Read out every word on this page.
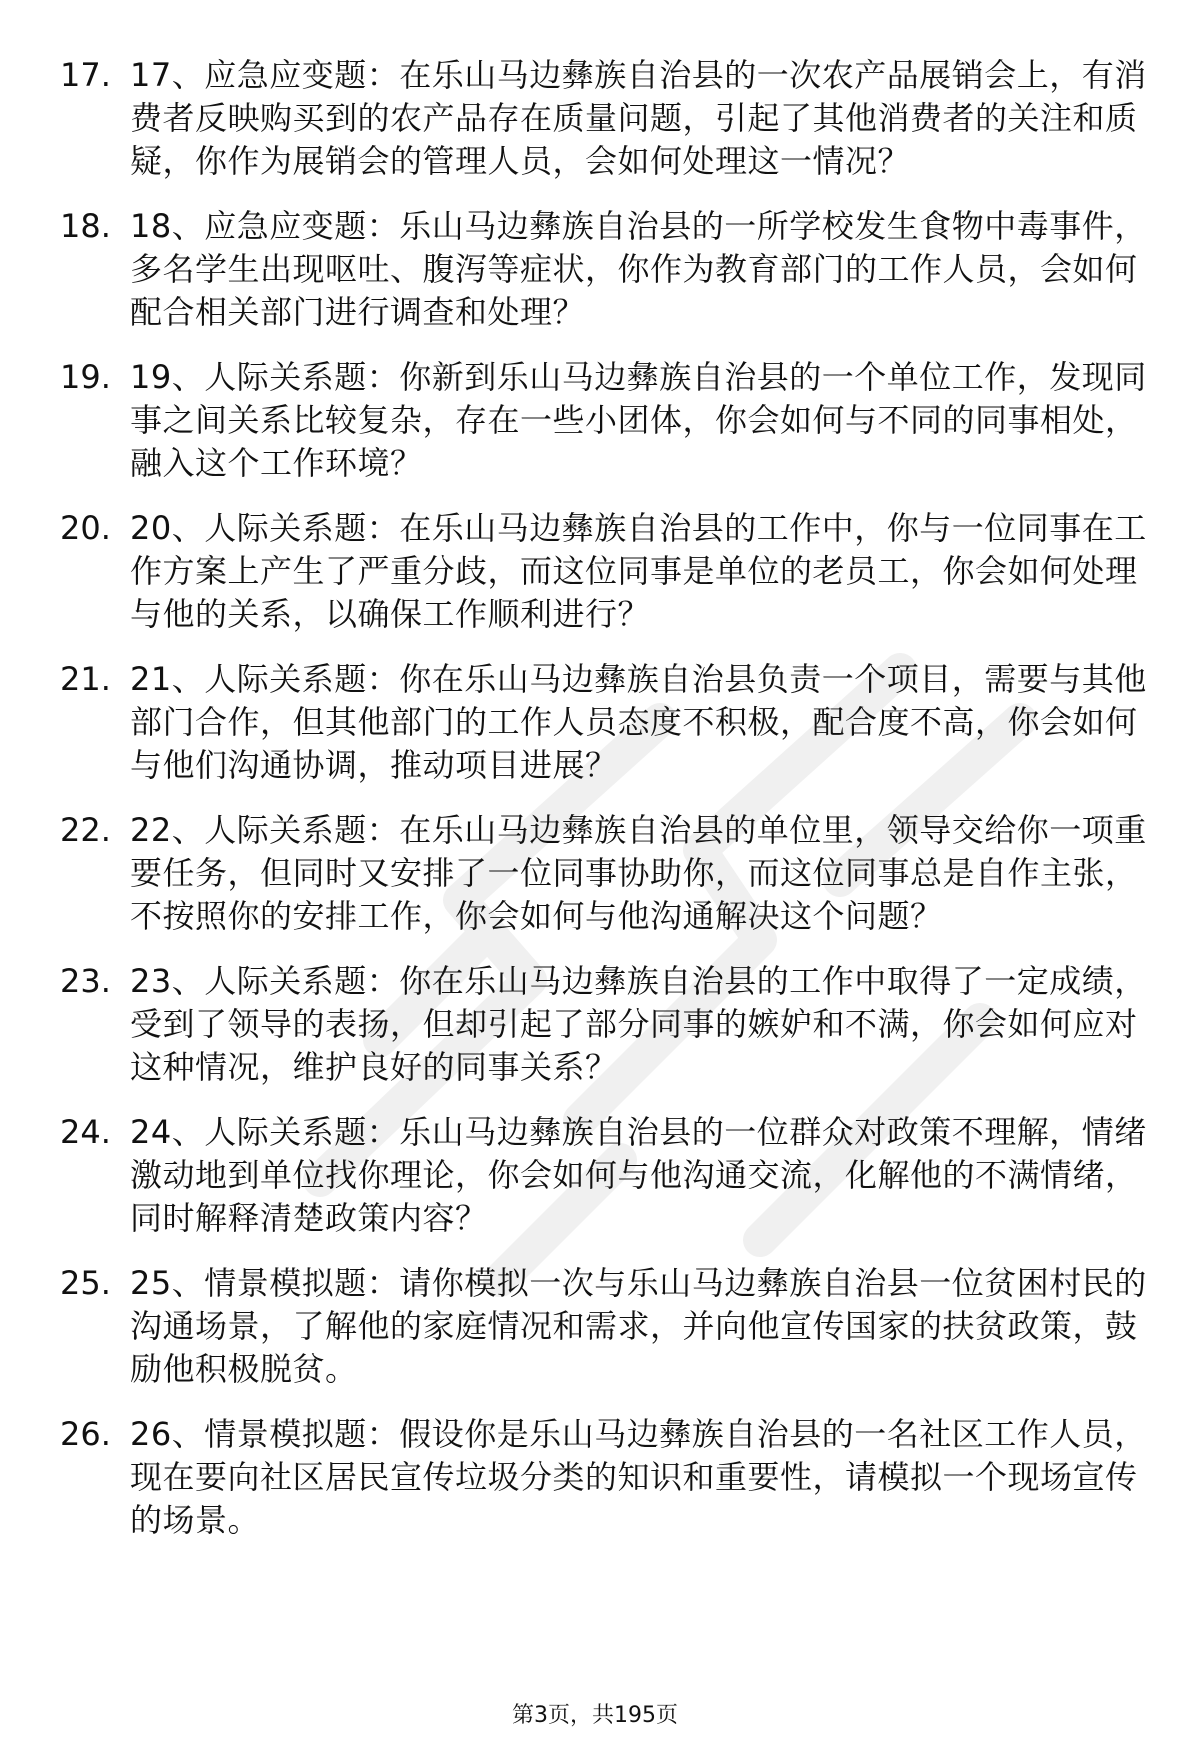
17. 17、应急应变题：在乐山马边彝族自治县的一次农产品展销会上，有消费者反映购买到的农产品存在质量问题，引起了其他消费者的关注和质疑，你作为展销会的管理人员，会如何处理这一情况？
18. 18、应急应变题：乐山马边彝族自治县的一所学校发生食物中毒事件，多名学生出现呕吐、腹泻等症状，你作为教育部门的工作人员，会如何配合相关部门进行调查和处理？
19. 19、人际关系题：你新到乐山马边彝族自治县的一个单位工作，发现同事之间关系比较复杂，存在一些小团体，你会如何与不同的同事相处，融入这个工作环境？
20. 20、人际关系题：在乐山马边彝族自治县的工作中，你与一位同事在工作方案上产生了严重分歧，而这位同事是单位的老员工，你会如何处理与他的关系，以确保工作顺利进行？
21. 21、人际关系题：你在乐山马边彝族自治县负责一个项目，需要与其他部门合作，但其他部门的工作人员态度不积极，配合度不高，你会如何与他们沟通协调，推动项目进展？
22. 22、人际关系题：在乐山马边彝族自治县的单位里，领导交给你一项重要任务，但同时又安排了一位同事协助你，而这位同事总是自作主张，不按照你的安排工作，你会如何与他沟通解决这个问题？
23. 23、人际关系题：你在乐山马边彝族自治县的工作中取得了一定成绩，受到了领导的表扬，但却引起了部分同事的嫉妒和不满，你会如何应对这种情况，维护良好的同事关系？
24. 24、人际关系题：乐山马边彝族自治县的一位群众对政策不理解，情绪激动地到单位找你理论，你会如何与他沟通交流，化解他的不满情绪，同时解释清楚政策内容？
25. 25、情景模拟题：请你模拟一次与乐山马边彝族自治县一位贫困村民的沟通场景，了解他的家庭情况和需求，并向他宣传国家的扶贫政策，鼓励他积极脱贫。
26. 26、情景模拟题：假设你是乐山马边彝族自治县的一名社区工作人员，现在要向社区居民宣传垃圾分类的知识和重要性，请模拟一个现场宣传的场景。
第3页，共195页
